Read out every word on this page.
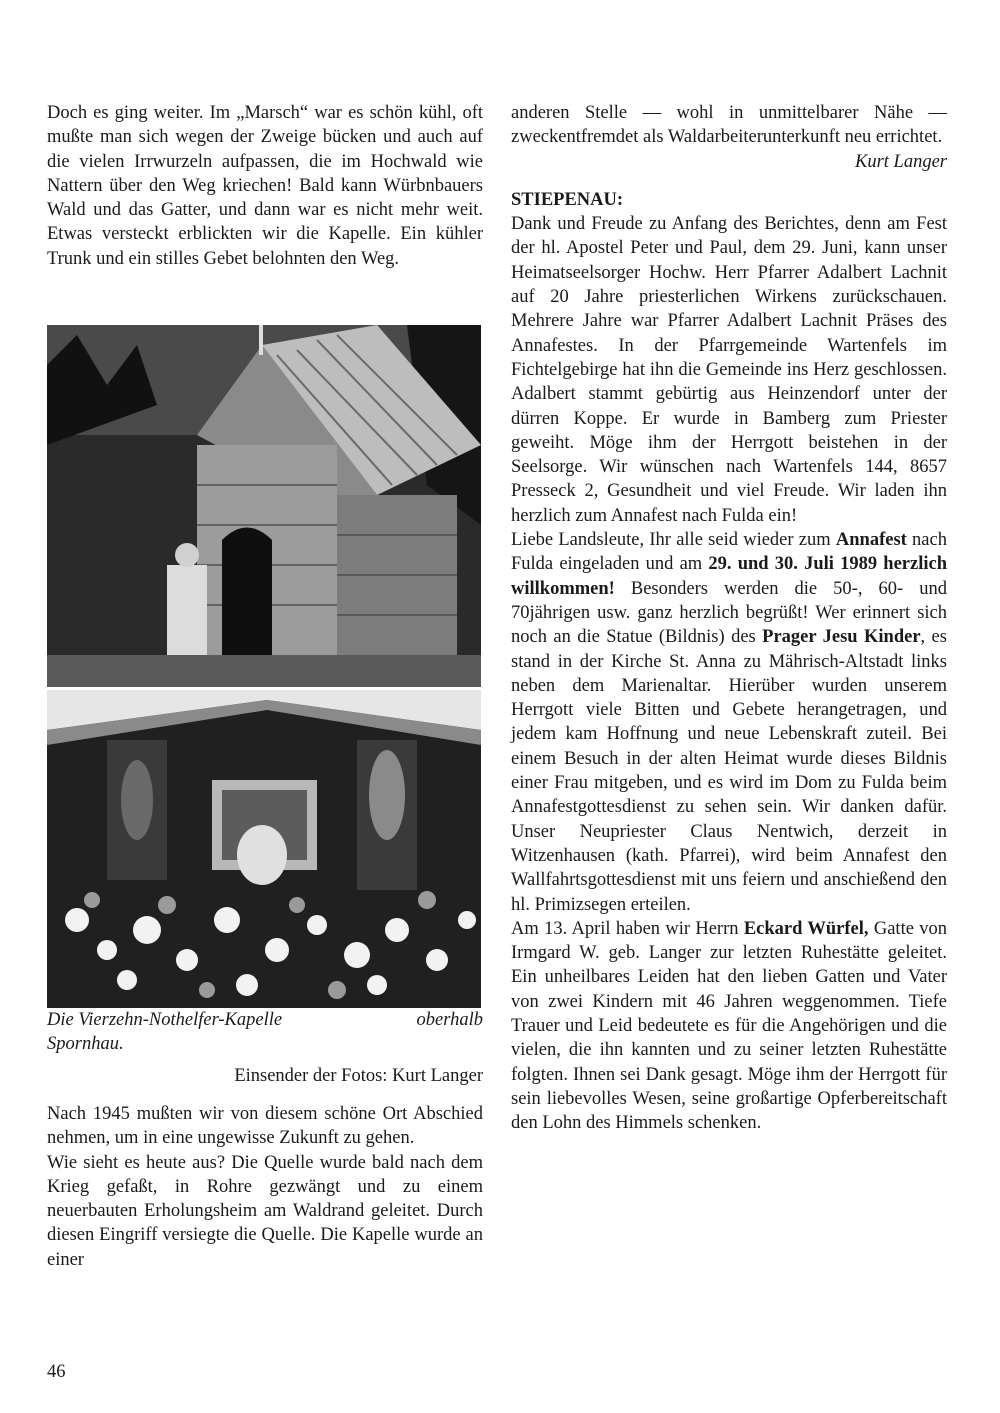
Doch es ging weiter. Im „Marsch“ war es schön kühl, oft mußte man sich wegen der Zweige bücken und auch auf die vielen Irrwurzeln aufpassen, die im Hochwald wie Nattern über den Weg kriechen! Bald kann Würbnbauers Wald und das Gatter, und dann war es nicht mehr weit. Etwas versteckt erblickten wir die Kapelle. Ein kühler Trunk und ein stilles Gebet belohnten den Weg.

Die Vierzehn-Nothelfer-Kapelle	oberhalb
Spornhau.
Einsender der Fotos: Kurt Langer

Nach 1945 mußten wir von diesem schöne Ort Abschied nehmen, um in eine ungewisse Zukunft zu gehen.

Wie sieht es heute aus? Die Quelle wurde bald nach dem Krieg gefaßt, in Rohre gezwängt und zu einem neuerbauten Erholungsheim am Waldrand geleitet. Durch diesen Eingriff versiegte die Quelle. Die Kapelle wurde an einer

anderen Stelle — wohl in unmittelbarer Nähe — zweckentfremdet als Waldarbeiterunterkunft neu errichtet.

Kurt Langer

STIEPENAU:

Dank und Freude zu Anfang des Berichtes, denn am Fest der hl. Apostel Peter und Paul, dem 29. Juni, kann unser Heimatseelsorger Hochw. Herr Pfarrer Adalbert Lachnit auf 20 Jahre priesterlichen Wirkens zurückschauen. Mehrere Jahre war Pfarrer Adalbert Lachnit Präses des Annafestes. In der Pfarrgemeinde Wartenfels im Fichtelgebirge hat ihn die Gemeinde ins Herz geschlossen. Adalbert stammt gebürtig aus Heinzendorf unter der dürren Koppe. Er wurde in Bamberg zum Priester geweiht. Möge ihm der Herrgott beistehen in der Seelsorge. Wir wünschen nach Wartenfels 144, 8657 Presseck 2, Gesundheit und viel Freude. Wir laden ihn herzlich zum Annafest nach Fulda ein!

Liebe Landsleute, Ihr alle seid wieder zum Annafest nach Fulda eingeladen und am 29. und 30. Juli 1989 herzlich willkommen! Besonders werden die 50-, 60- und 70jährigen usw. ganz herzlich begrüßt! Wer erinnert sich noch an die Statue (Bildnis) des Prager Jesu Kinder, es stand in der Kirche St. Anna zu Mährisch-Altstadt links neben dem Marienaltar. Hierüber wurden unserem Herrgott viele Bitten und Gebete herangetragen, und jedem kam Hoffnung und neue Lebenskraft zuteil. Bei einem Besuch in der alten Heimat wurde dieses Bildnis einer Frau mitgeben, und es wird im Dom zu Fulda beim Annafestgottesdienst zu sehen sein. Wir danken dafür. Unser Neupriester Claus Nentwich, derzeit in Witzenhausen (kath. Pfarrei), wird beim Annafest den Wallfahrtsgottesdienst mit uns feiern und anschießend den hl. Primizsegen erteilen.

Am 13. April haben wir Herrn Eckard Würfel, Gatte von Irmgard W. geb. Langer zur letzten Ruhestätte geleitet. Ein unheilbares Leiden hat den lieben Gatten und Vater von zwei Kindern mit 46 Jahren weggenommen. Tiefe Trauer und Leid bedeutete es für die Angehörigen und die vielen, die ihn kannten und zu seiner letzten Ruhestätte folgten. Ihnen sei Dank gesagt. Möge ihm der Herrgott für sein liebevolles Wesen, seine großartige Opferbereitschaft den Lohn des Himmels schenken.

46
